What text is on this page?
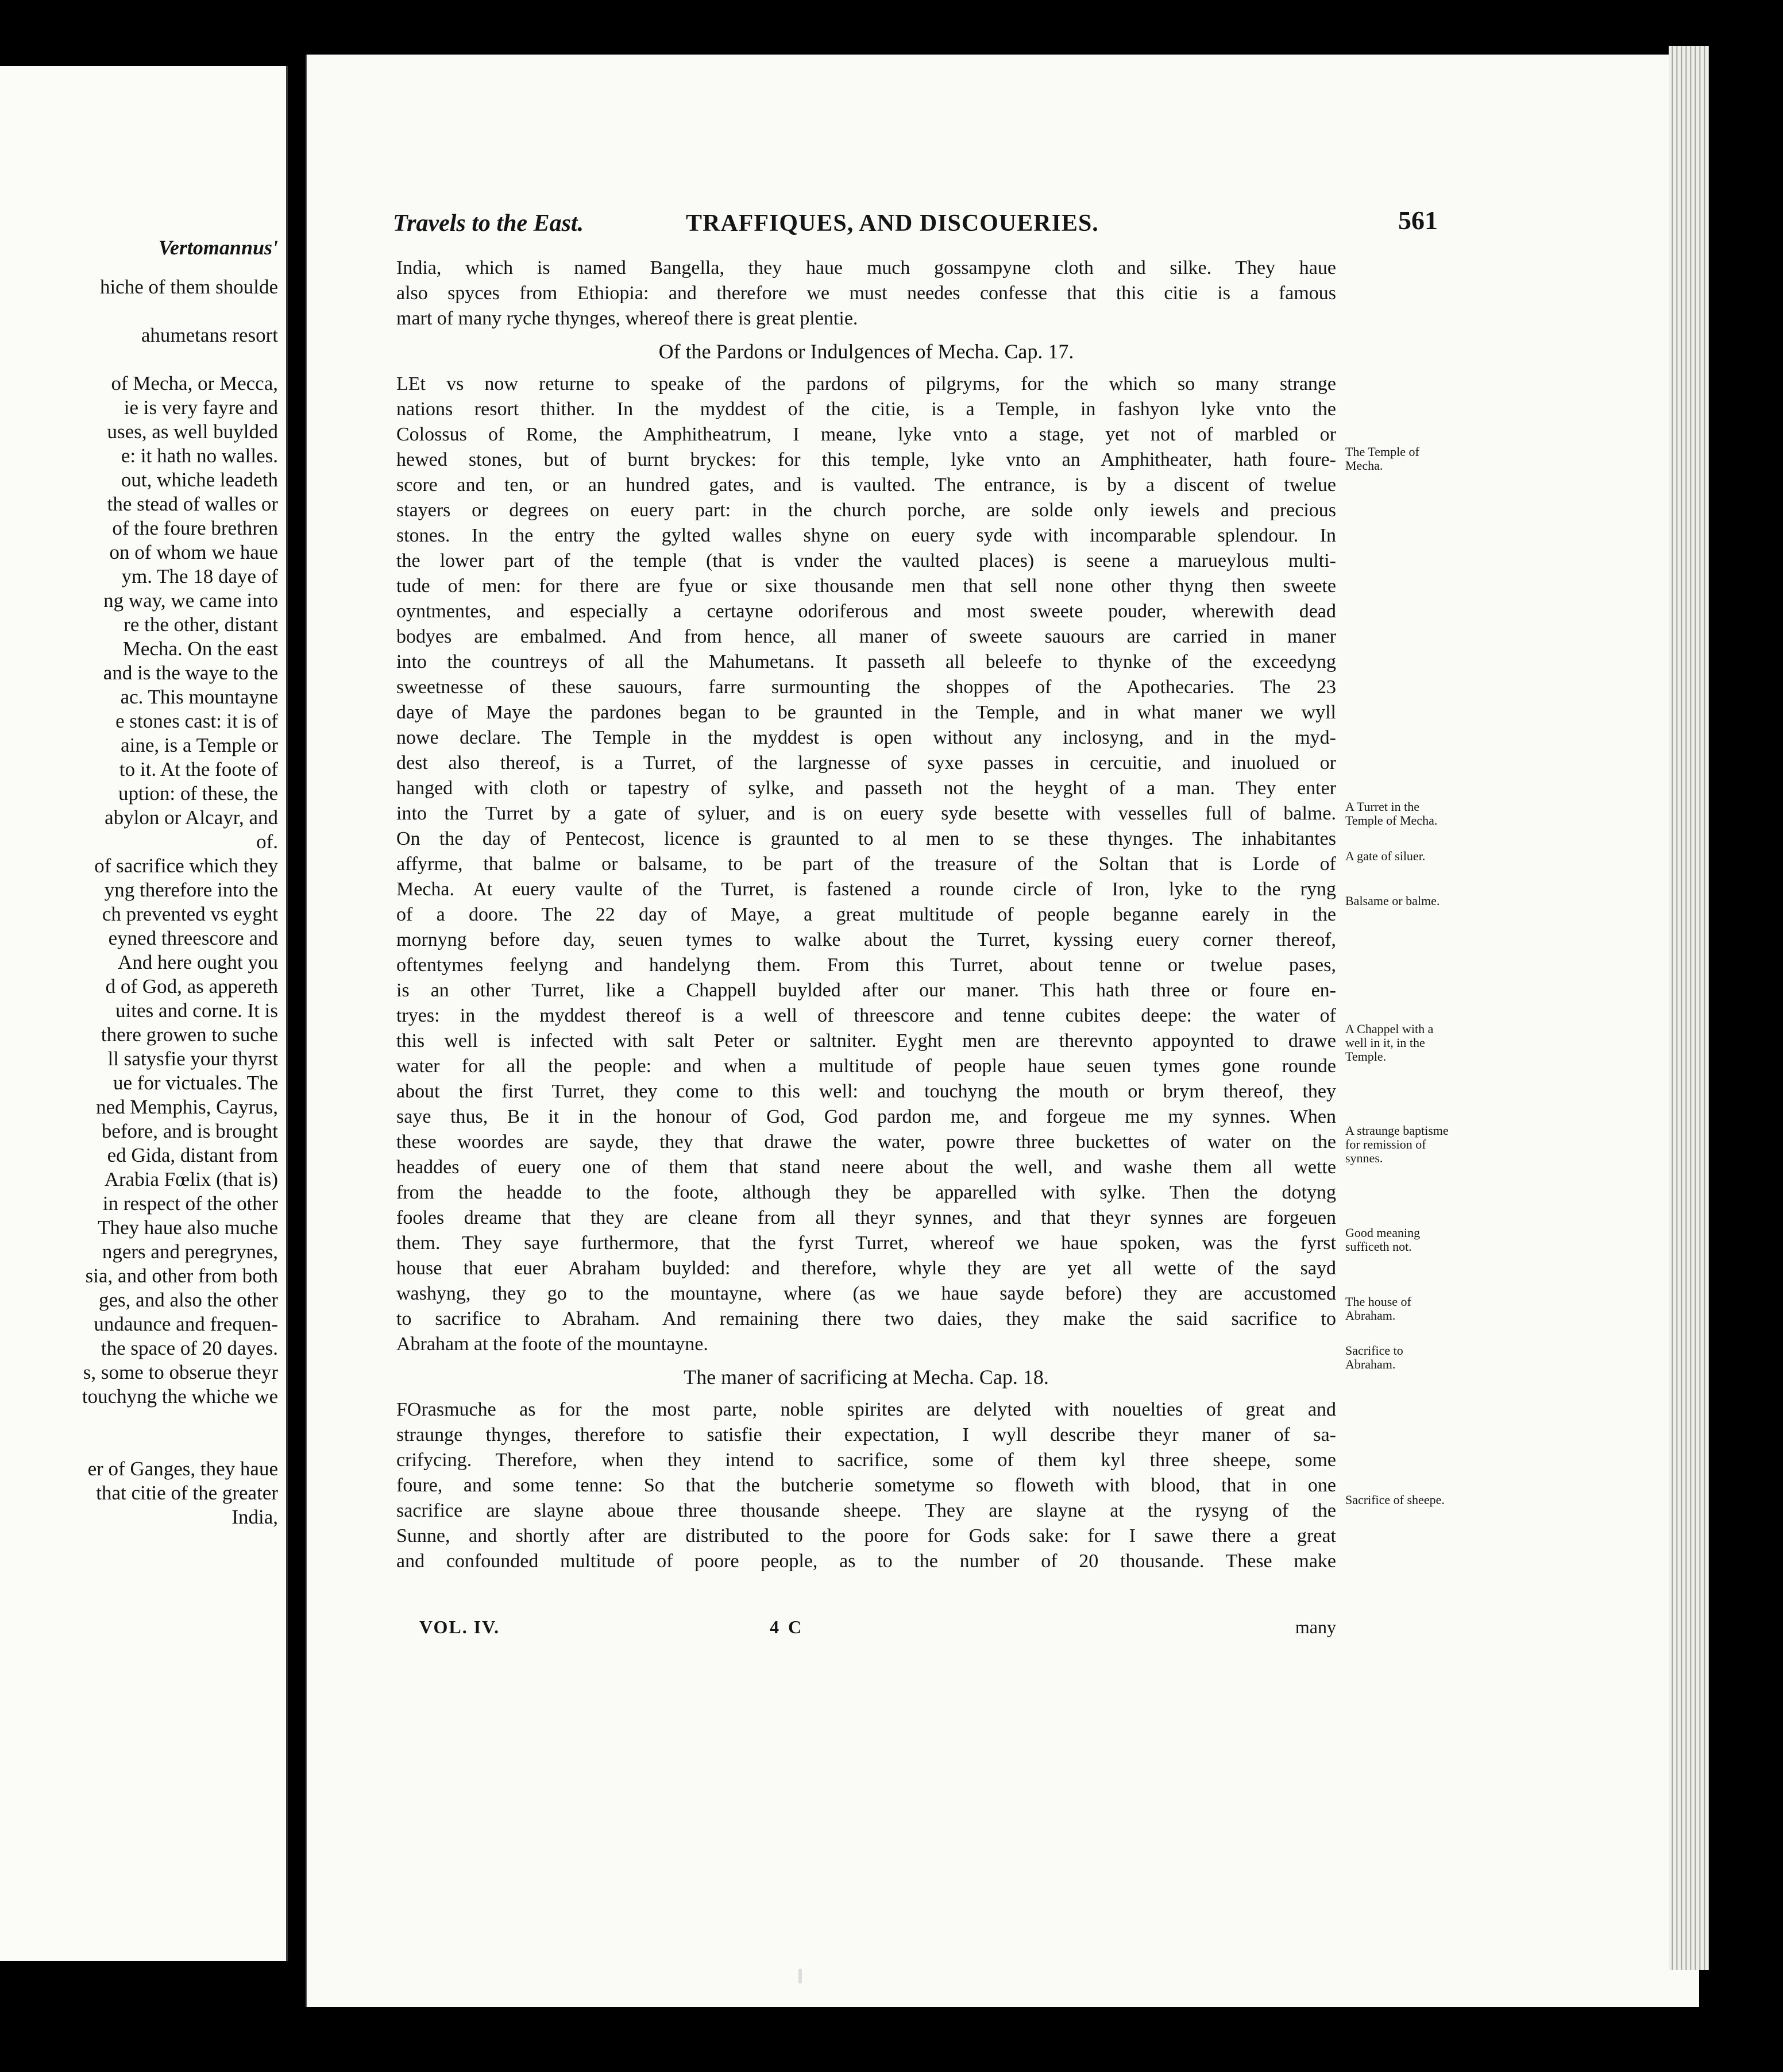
Vertomannus'
hiche of them shoulde
ahumetans resort
of Mecha, or Mecca,
ie is very fayre and
uses, as well buylded
e: it hath no walles.
out, whiche leadeth
the stead of walles or
of the foure brethren
on of whom we haue
ym. The 18 daye of
ng way, we came into
re the other, distant
Mecha. On the east
and is the waye to the
ac. This mountayne
e stones cast: it is of
aine, is a Temple or
to it. At the foote of
uption: of these, the
abylon or Alcayr, and
of.
of sacrifice which they
yng therefore into the
ch prevented vs eyght
eyned threescore and
And here ought you
d of God, as appereth
uites and corne. It is
there growen to suche
ll satysfie your thyrst
ue for victuales. The
ned Memphis, Cayrus,
before, and is brought
ed Gida, distant from
Arabia Fœlix (that is)
in respect of the other
They haue also muche
ngers and peregrynes,
sia, and other from both
ges, and also the other
undaunce and frequen-
the space of 20 dayes.
s, some to obserue theyr
touchyng the whiche we
er of Ganges, they haue
that citie of the greater
India,
Travels to the East.	TRAFFIQUES, AND DISCOUERIES.	561
India, which is named Bangella, they haue much gossampyne cloth and silke. They haue
also spyces from Ethiopia: and therefore we must needes confesse that this citie is a famous
mart of many ryche thynges, whereof there is great plentie.
Of the Pardons or Indulgences of Mecha. Cap. 17.
LEt vs now returne to speake of the pardons of pilgryms, for the which so many strange
nations resort thither. In the myddest of the citie, is a Temple, in fashyon lyke vnto the
Colossus of Rome, the Amphitheatrum, I meane, lyke vnto a stage, yet not of marbled or
hewed stones, but of burnt bryckes: for this temple, lyke vnto an Amphitheater, hath foure-
score and ten, or an hundred gates, and is vaulted. The entrance, is by a discent of twelue
stayers or degrees on euery part: in the church porche, are solde only iewels and precious
stones. In the entry the gylted walles shyne on euery syde with incomparable splendour. In
the lower part of the temple (that is vnder the vaulted places) is seene a marueylous multi-
tude of men: for there are fyue or sixe thousande men that sell none other thyng then sweete
oyntmentes, and especially a certayne odoriferous and most sweete pouder, wherewith dead
bodyes are embalmed. And from hence, all maner of sweete sauours are carried in maner
into the countreys of all the Mahumetans. It passeth all beleefe to thynke of the exceedyng
sweetnesse of these sauours, farre surmounting the shoppes of the Apothecaries. The 23
daye of Maye the pardones began to be graunted in the Temple, and in what maner we wyll
nowe declare. The Temple in the myddest is open without any inclosyng, and in the myd-
dest also thereof, is a Turret, of the largnesse of syxe passes in cercuitie, and inuolued or
hanged with cloth or tapestry of sylke, and passeth not the heyght of a man. They enter
into the Turret by a gate of syluer, and is on euery syde besette with vesselles full of balme.
On the day of Pentecost, licence is graunted to al men to se these thynges. The inhabitantes
affyrme, that balme or balsame, to be part of the treasure of the Soltan that is Lorde of
Mecha. At euery vaulte of the Turret, is fastened a rounde circle of Iron, lyke to the ryng
of a doore. The 22 day of Maye, a great multitude of people beganne earely in the
mornyng before day, seuen tymes to walke about the Turret, kyssing euery corner thereof,
oftentymes feelyng and handelyng them. From this Turret, about tenne or twelue pases,
is an other Turret, like a Chappell buylded after our maner. This hath three or foure en-
tryes: in the myddest thereof is a well of threescore and tenne cubites deepe: the water of
this well is infected with salt Peter or saltniter. Eyght men are therevnto appoynted to drawe
water for all the people: and when a multitude of people haue seuen tymes gone rounde
about the first Turret, they come to this well: and touchyng the mouth or brym thereof, they
saye thus, Be it in the honour of God, God pardon me, and forgeue me my synnes. When
these woordes are sayde, they that drawe the water, powre three buckettes of water on the
headdes of euery one of them that stand neere about the well, and washe them all wette
from the headde to the foote, although they be apparelled with sylke. Then the dotyng
fooles dreame that they are cleane from all theyr synnes, and that theyr synnes are forgeuen
them. They saye furthermore, that the fyrst Turret, whereof we haue spoken, was the fyrst
house that euer Abraham buylded: and therefore, whyle they are yet all wette of the sayd
washyng, they go to the mountayne, where (as we haue sayde before) they are accustomed
to sacrifice to Abraham. And remaining there two daies, they make the said sacrifice to
Abraham at the foote of the mountayne.
The maner of sacrificing at Mecha. Cap. 18.
FOrasmuche as for the most parte, noble spirites are delyted with nouelties of great and
straunge thynges, therefore to satisfie their expectation, I wyll describe theyr maner of sa-
crifycing. Therefore, when they intend to sacrifice, some of them kyl three sheepe, some
foure, and some tenne: So that the butcherie sometyme so floweth with blood, that in one
sacrifice are slayne aboue three thousande sheepe. They are slayne at the rysyng of the
Sunne, and shortly after are distributed to the poore for Gods sake: for I sawe there a great
and confounded multitude of poore people, as to the number of 20 thousande. These make
The Temple of Mecha.
A Turret in the Temple of Mecha.
A gate of siluer.
Balsame or balme.
A Chappel with a well in it, in the Temple.
A straunge baptisme for remission of synnes.
Good meaning sufficeth not.
The house of Abraham.
Sacrifice to Abraham.
Sacrifice of sheepe.
VOL. IV.	4 C	many
